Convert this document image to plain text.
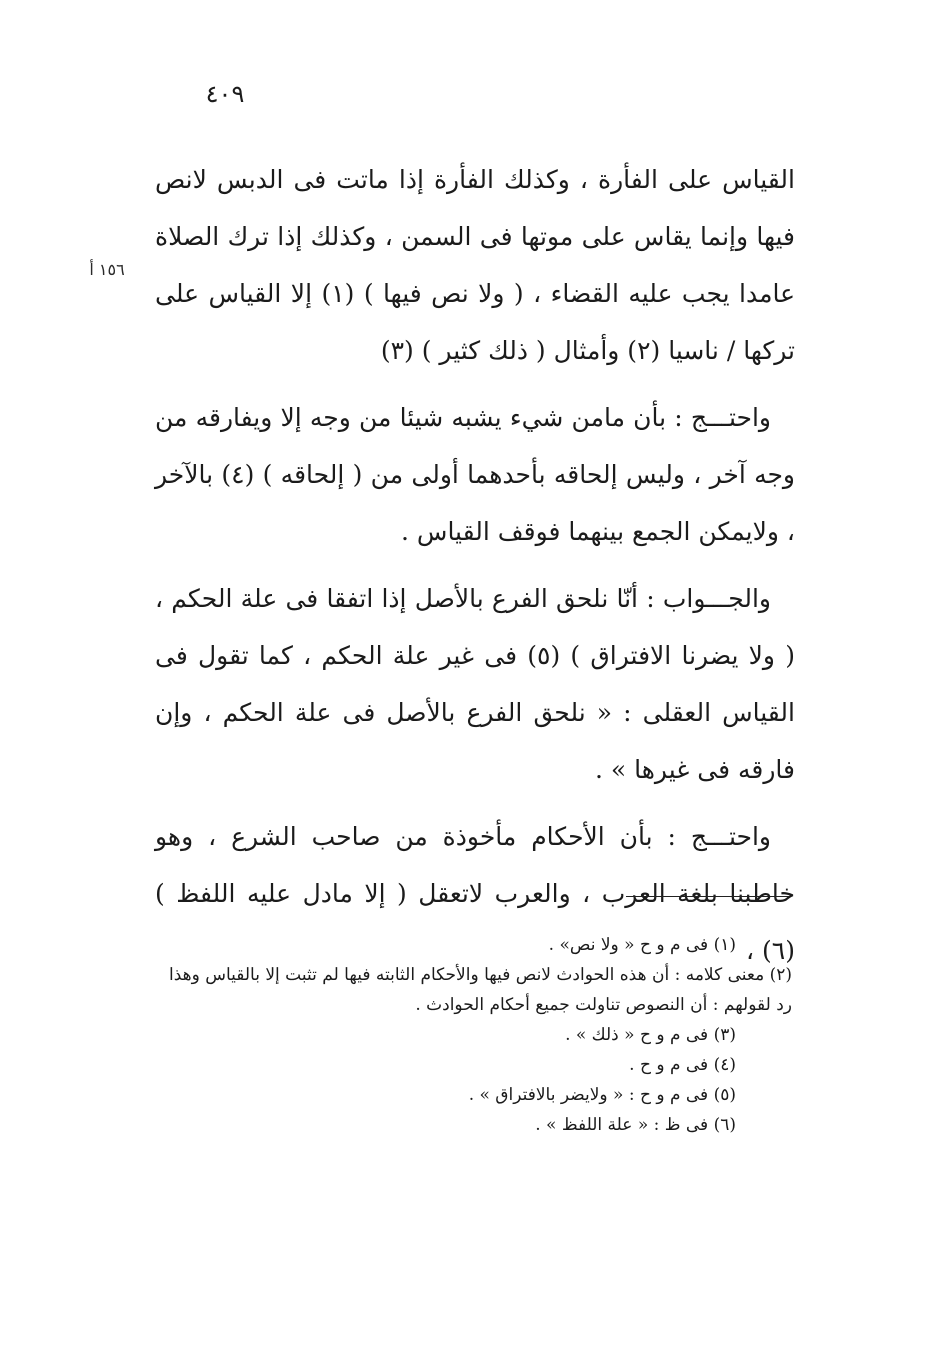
٤٠٩
١٥٦ أ

القياس على الفأرة ، وكذلك الفأرة إذا ماتت فى الدبس لانص فيها وإنما يقاس على موتها فى السمن ، وكذلك إذا ترك الصلاة عامدا يجب عليه القضاء ، ( ولا نص فيها ) (١) إلا القياس على تركها / ناسيا (٢) وأمثال ( ذلك كثير ) (٣)

واحتـــج : بأن مامن شيء يشبه شيئا من وجه إلا ويفارقه من وجه آخر ، وليس إلحاقه بأحدهما أولى من ( إلحاقه ) (٤) بالآخر ، ولايمكن الجمع بينهما فوقف القياس .

والجـــواب : أنّا نلحق الفرع بالأصل إذا اتفقا فى علة الحكم ، ( ولا يضرنا الافتراق ) (٥) فى غير علة الحكم ، كما تقول فى القياس العقلى : « نلحق الفرع بالأصل فى علة الحكم ، وإن فارقه فى غيرها » .

واحتـــج : بأن الأحكام مأخوذة من صاحب الشرع ، وهو خاطبنا بلغة العرب ، والعرب لاتعقل ( إلا مادل عليه اللفظ ) (٦) ،

(١) فى م و ح « ولا نص» .

(٢) معنى كلامه : أن هذه الحوادث لانص فيها والأحكام الثابته فيها لم تثبت إلا بالقياس وهذا رد لقولهم : أن النصوص تناولت جميع أحكام الحوادث .

(٣) فى م و ح « ذلك » .

(٤) فى م و ح .

(٥) فى م و ح : « ولايضر بالافتراق » .

(٦) فى ظ : « علة اللفظ » .
